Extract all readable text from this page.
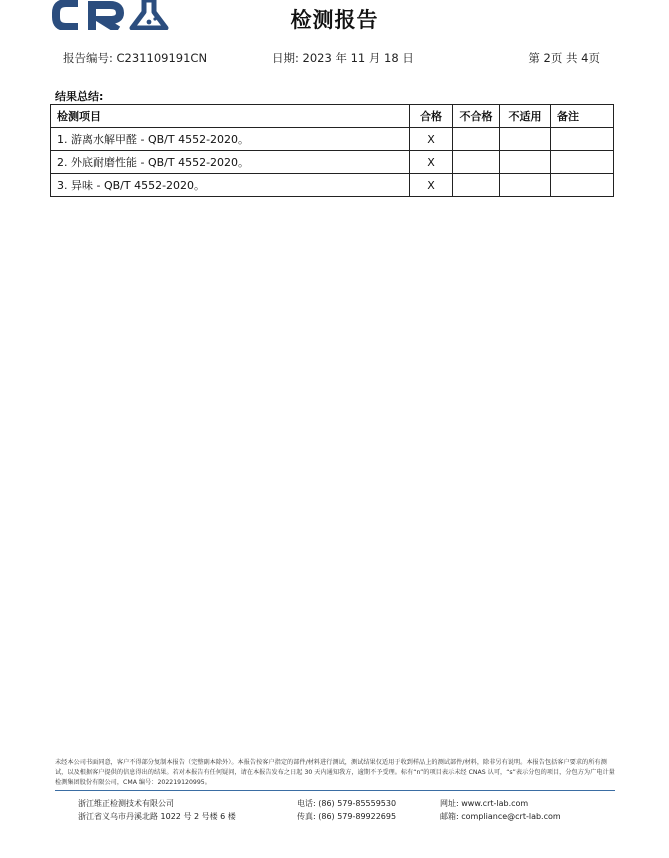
检测报告
报告编号: C231109191CN	日期: 2023 年 11 月 18 日	第 2页 共 4页
结果总结:
检测项目	合格	不合格	不适用	备注
1. 游离水解甲醛 - QB/T 4552-2020。	X			
2. 外底耐磨性能 - QB/T 4552-2020。	X			
3. 异味 - QB/T 4552-2020。	X			
未经本公司书面同意，客户不得部分复制本报告（完整副本除外）。本报告按客户指定的部件/材料进行测试，测试结果仅适用于收到样品上的测试部件/材料，除非另有说明。本报告包括客户要求的所有测试，以及根据客户提供的信息得出的结果。若对本报告有任何疑问，请在本报告发布之日起 30 天内通知我方，逾期不予受理。标有“n”的项目表示未经 CNAS 认可，“s”表示分包的项目，分包方为广电计量检测集团股份有限公司，CMA 编号：202219120995。
浙江维正检测技术有限公司
浙江省义乌市丹溪北路 1022 号 2 号楼 6 楼
电话: (86) 579-85559530
传真: (86) 579-89922695
网址: www.crt-lab.com
邮箱: compliance@crt-lab.com
